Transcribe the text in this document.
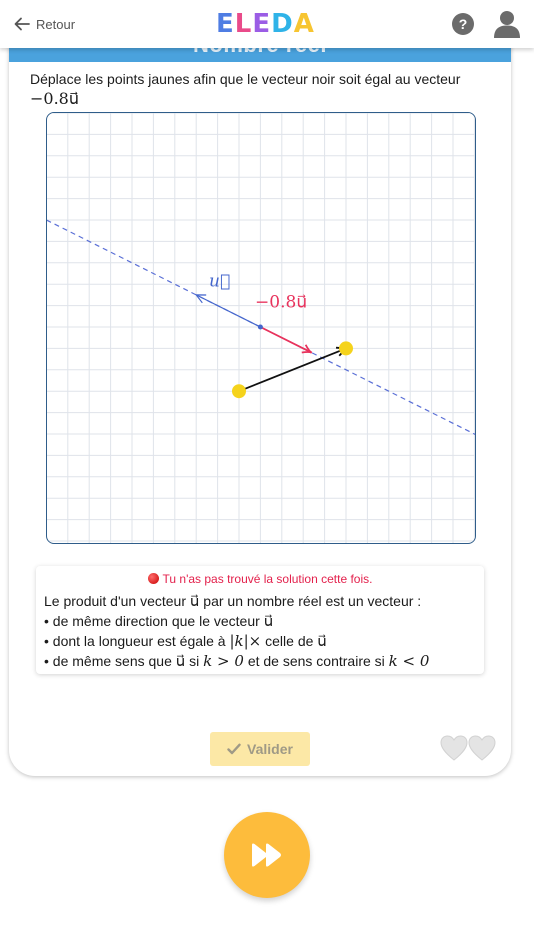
Retour	E L E D A	?
Déplace les points jaunes afin que le vecteur noir soit égal au vecteur
−0.8u⃗
u⃗
−0.8u⃗
Tu n'as pas trouvé la solution cette fois.
Le produit d'un vecteur u⃗ par un nombre réel est un vecteur :
• de même direction que le vecteur u⃗
• dont la longueur est égale à |k|× celle de u⃗
• de même sens que u⃗ si k > 0 et de sens contraire si k < 0
Valider
